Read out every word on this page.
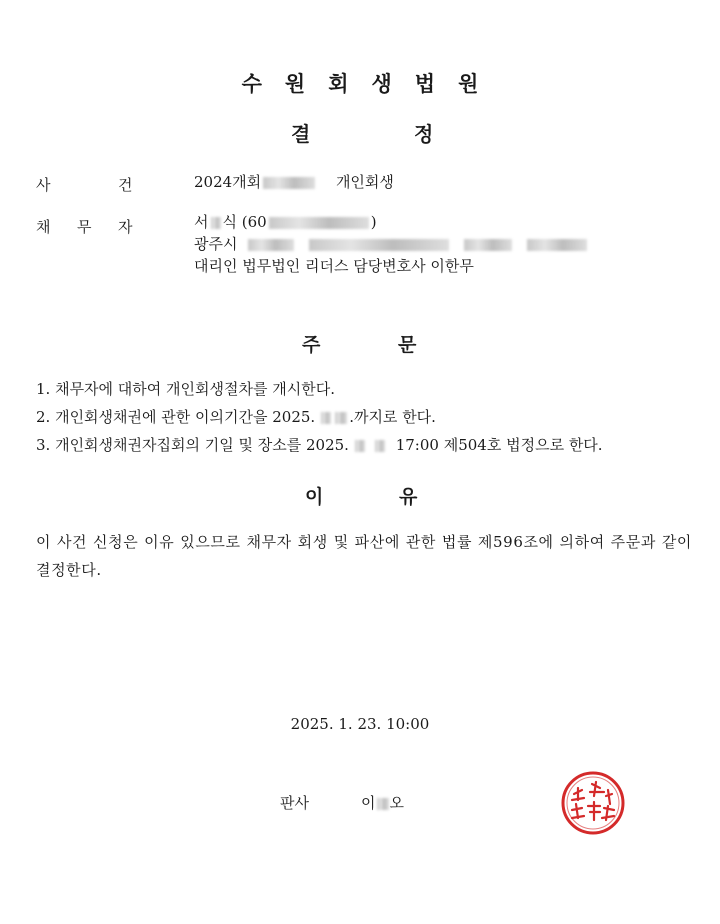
수원회생법원
결	정
사	건	2024개회	개인회생
채 무 자	서 식 (60	)
광주시
대리인 법무법인 리더스 담당변호사 이한무
주	문
1. 채무자에 대하여 개인회생절차를 개시한다.
2. 개인회생채권에 관한 이의기간을 2025. .까지로 한다.
3. 개인회생채권자집회의 기일 및 장소를 2025.	17:00 제504호 법정으로 한다.
이	유
이 사건 신청은 이유 있으므로 채무자 회생 및 파산에 관한 법률 제596조에 의하여 주문과 같이 결정한다.
2025. 1. 23. 10:00
판사	이 오
